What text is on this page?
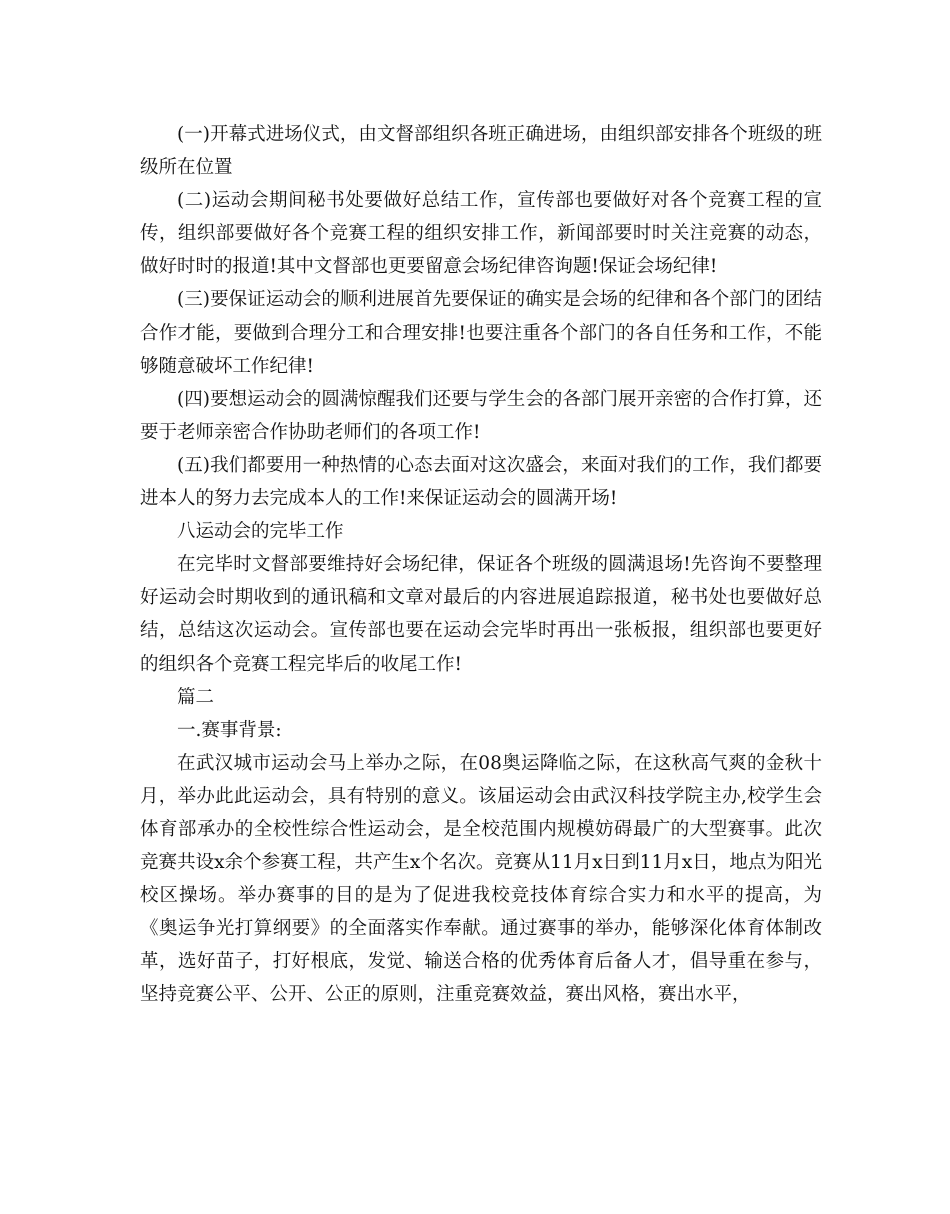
(一)开幕式进场仪式，由文督部组织各班正确进场，由组织部安排各个班级的班级所在位置

(二)运动会期间秘书处要做好总结工作，宣传部也要做好对各个竞赛工程的宣传，组织部要做好各个竞赛工程的组织安排工作，新闻部要时时关注竞赛的动态，做好时时的报道!其中文督部也更要留意会场纪律咨询题!保证会场纪律!

(三)要保证运动会的顺利进展首先要保证的确实是会场的纪律和各个部门的团结合作才能，要做到合理分工和合理安排!也要注重各个部门的各自任务和工作，不能够随意破坏工作纪律!

(四)要想运动会的圆满惊醒我们还要与学生会的各部门展开亲密的合作打算，还要于老师亲密合作协助老师们的各项工作!

(五)我们都要用一种热情的心态去面对这次盛会，来面对我们的工作，我们都要进本人的努力去完成本人的工作!来保证运动会的圆满开场!

八运动会的完毕工作

在完毕时文督部要维持好会场纪律，保证各个班级的圆满退场!先咨询不要整理好运动会时期收到的通讯稿和文章对最后的内容进展追踪报道，秘书处也要做好总结，总结这次运动会。宣传部也要在运动会完毕时再出一张板报，组织部也要更好的组织各个竞赛工程完毕后的收尾工作!

篇二

一.赛事背景:

在武汉城市运动会马上举办之际，在08奥运降临之际，在这秋高气爽的金秋十月，举办此此运动会，具有特别的意义。该届运动会由武汉科技学院主办,校学生会体育部承办的全校性综合性运动会，是全校范围内规模妨碍最广的大型赛事。此次竞赛共设x余个参赛工程，共产生x个名次。竞赛从11月x日到11月x日，地点为阳光校区操场。举办赛事的目的是为了促进我校竞技体育综合实力和水平的提高，为《奥运争光打算纲要》的全面落实作奉献。通过赛事的举办，能够深化体育体制改革，选好苗子，打好根底，发觉、输送合格的优秀体育后备人才，倡导重在参与，坚持竞赛公平、公开、公正的原则，注重竞赛效益，赛出风格，赛出水平，
